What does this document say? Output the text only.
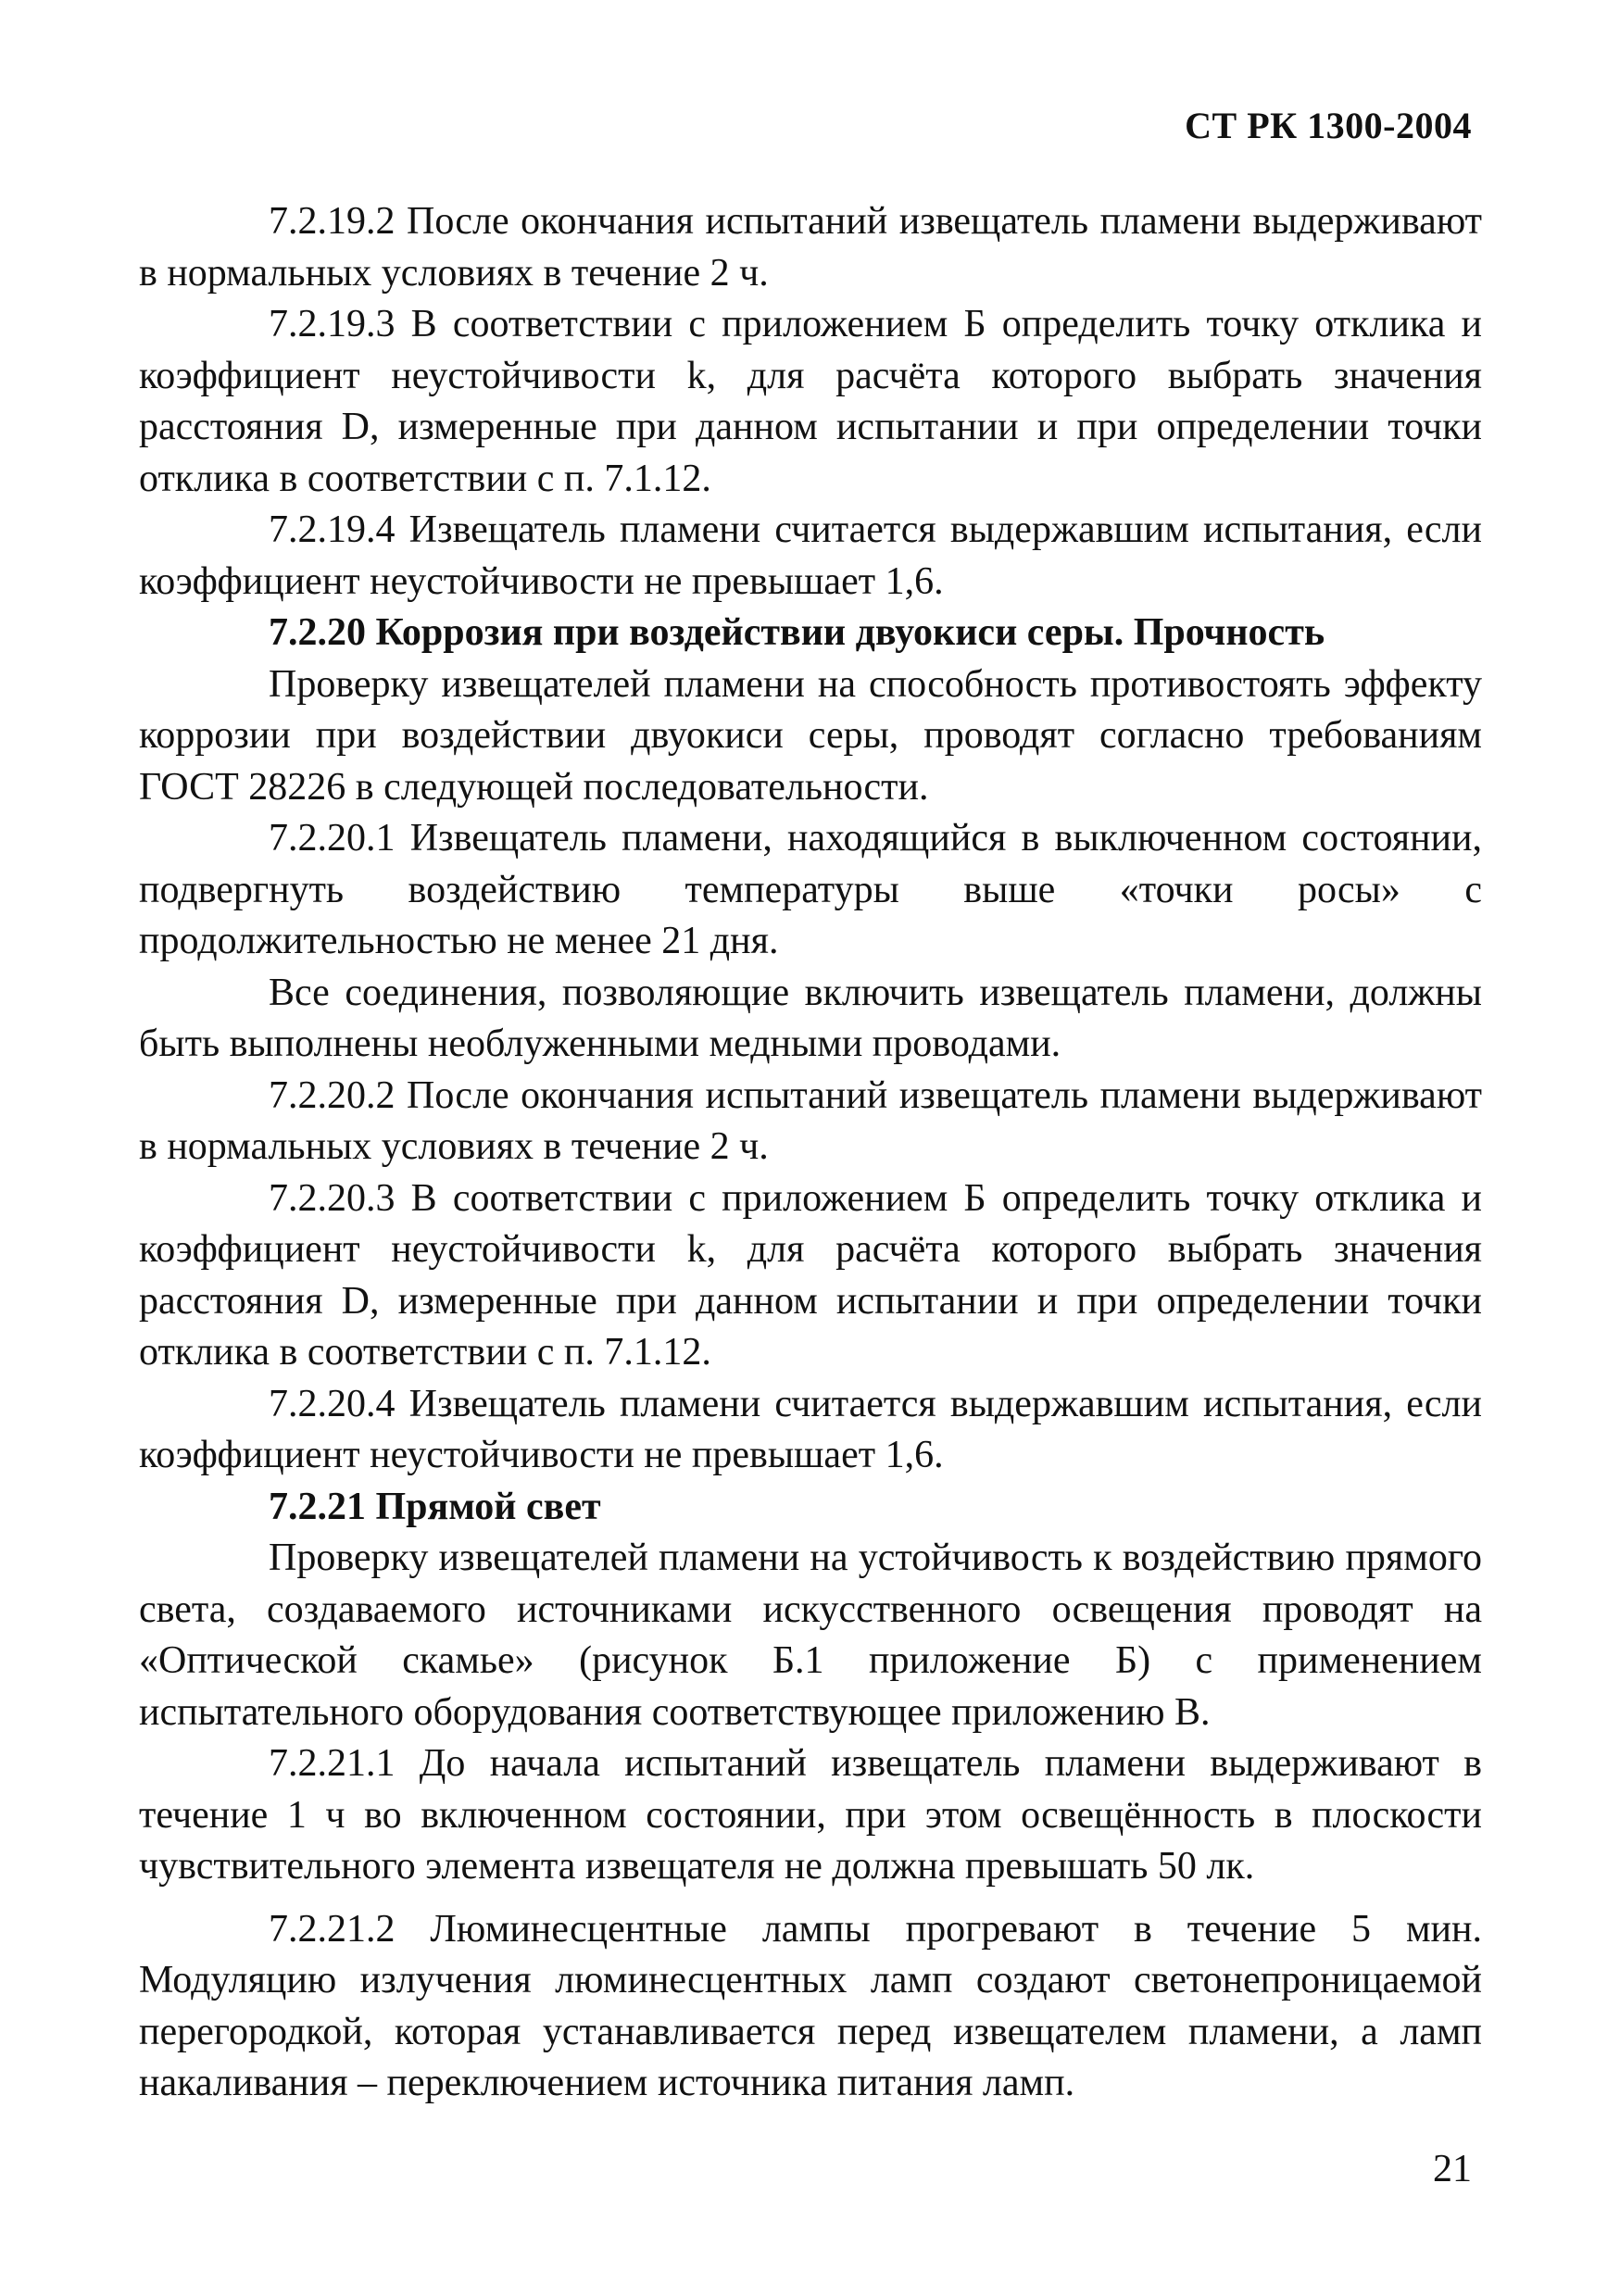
СТ РК 1300-2004

7.2.19.2 После окончания испытаний извещатель пламени выдерживают в нормальных условиях в течение 2 ч.

7.2.19.3 В соответствии с приложением Б определить точку отклика и коэффициент неустойчивости k, для расчёта которого выбрать значения расстояния D, измеренные при данном испытании и при определении точки отклика в соответствии с п. 7.1.12.

7.2.19.4 Извещатель пламени считается выдержавшим испытания, если коэффициент неустойчивости не превышает 1,6.

7.2.20 Коррозия при воздействии двуокиси серы. Прочность

Проверку извещателей пламени на способность противостоять эффекту коррозии при воздействии двуокиси серы, проводят согласно требованиям ГОСТ 28226 в следующей последовательности.

7.2.20.1 Извещатель пламени, находящийся в выключенном состоянии, подвергнуть воздействию температуры выше «точки росы» с продолжительностью не менее 21 дня.

Все соединения, позволяющие включить извещатель пламени, должны быть выполнены необлуженными медными проводами.

7.2.20.2 После окончания испытаний извещатель пламени выдерживают в нормальных условиях в течение 2 ч.

7.2.20.3 В соответствии с приложением Б определить точку отклика и коэффициент неустойчивости k, для расчёта которого выбрать значения расстояния D, измеренные при данном испытании и при определении точки отклика в соответствии с п. 7.1.12.

7.2.20.4 Извещатель пламени считается выдержавшим испытания, если коэффициент неустойчивости не превышает 1,6.

7.2.21 Прямой свет

Проверку извещателей пламени на устойчивость к воздействию прямого света, создаваемого источниками искусственного освещения проводят на «Оптической скамье» (рисунок Б.1 приложение Б) с применением испытательного оборудования соответствующее приложению В.

7.2.21.1 До начала испытаний извещатель пламени выдерживают в течение 1 ч во включенном состоянии, при этом освещённость в плоскости чувствительного элемента извещателя не должна превышать 50 лк.

7.2.21.2 Люминесцентные лампы прогревают в течение 5 мин. Модуляцию излучения люминесцентных ламп создают светонепроницаемой перегородкой, которая устанавливается перед извещателем пламени, а ламп накаливания – переключением источника питания ламп.

21
